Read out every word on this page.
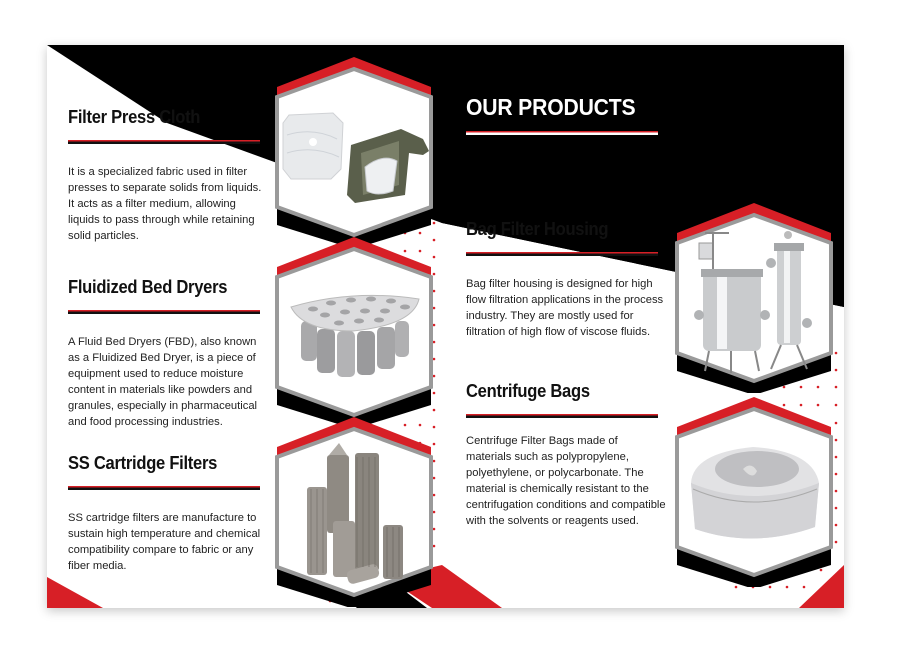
Filter Press Cloth

It is a specialized fabric used in filter presses to separate solids from liquids. It acts as a filter medium, allowing liquids to pass through while retaining solid particles.

Fluidized Bed Dryers

A Fluid Bed Dryers (FBD), also known as a Fluidized Bed Dryer, is a piece of equipment used to reduce moisture content in materials like powders and granules, especially in pharmaceutical and food processing industries.

SS Cartridge Filters

SS cartridge filters are manufacture to sustain high temperature and chemical compatibility compare to fabric or any fiber media.

OUR PRODUCTS
Bag Filter Housing

Bag filter housing is designed for high flow filtration applications in the process industry. They are mostly used for filtration of high flow of viscose fluids.

Centrifuge Bags

Centrifuge Filter Bags made of materials such as polypropylene, polyethylene, or polycarbonate. The material is chemically resistant to the centrifugation conditions and compatible with the solvents or reagents used.
